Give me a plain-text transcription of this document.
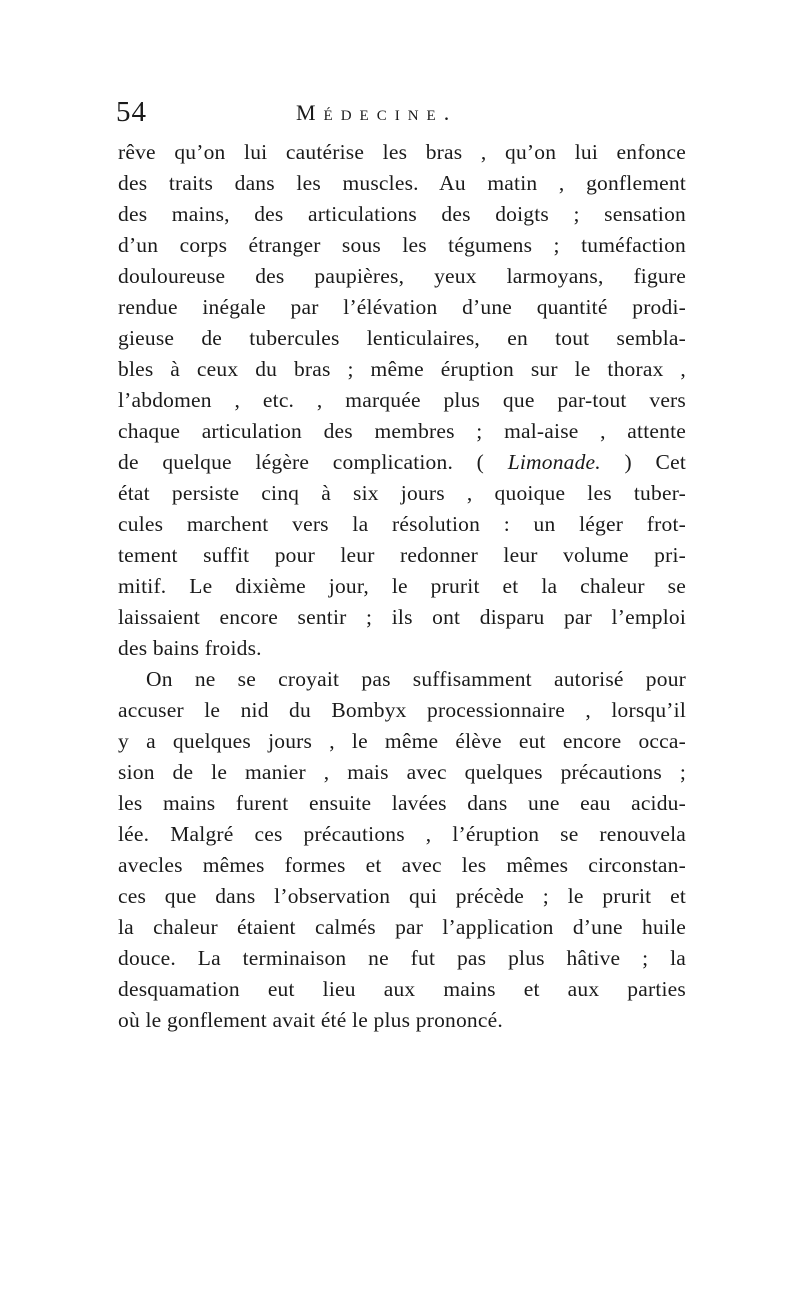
54	Médecine.
rêve qu’on lui cautérise les bras , qu’on lui enfonce
des traits dans les muscles. Au matin , gonflement
des mains, des articulations des doigts ; sensation
d’un corps étranger sous les tégumens ; tuméfaction
douloureuse des paupières, yeux larmoyans, figure
rendue inégale par l’élévation d’une quantité prodi-
gieuse de tubercules lenticulaires, en tout sembla-
bles à ceux du bras ; même éruption sur le thorax ,
l’abdomen , etc. , marquée plus que par-tout vers
chaque articulation des membres ; mal-aise , attente
de quelque légère complication. ( Limonade. ) Cet
état persiste cinq à six jours , quoique les tuber-
cules marchent vers la résolution : un léger frot-
tement suffit pour leur redonner leur volume pri-
mitif. Le dixième jour, le prurit et la chaleur se
laissaient encore sentir ; ils ont disparu par l’emploi
des bains froids.
On ne se croyait pas suffisamment autorisé pour
accuser le nid du Bombyx processionnaire , lorsqu’il
y a quelques jours , le même élève eut encore occa-
sion de le manier , mais avec quelques précautions ;
les mains furent ensuite lavées dans une eau acidu-
lée. Malgré ces précautions , l’éruption se renouvela
avecles mêmes formes et avec les mêmes circonstan-
ces que dans l’observation qui précède ; le prurit et
la chaleur étaient calmés par l’application d’une huile
douce. La terminaison ne fut pas plus hâtive ; la
desquamation eut lieu aux mains et aux parties
où le gonflement avait été le plus prononcé.
